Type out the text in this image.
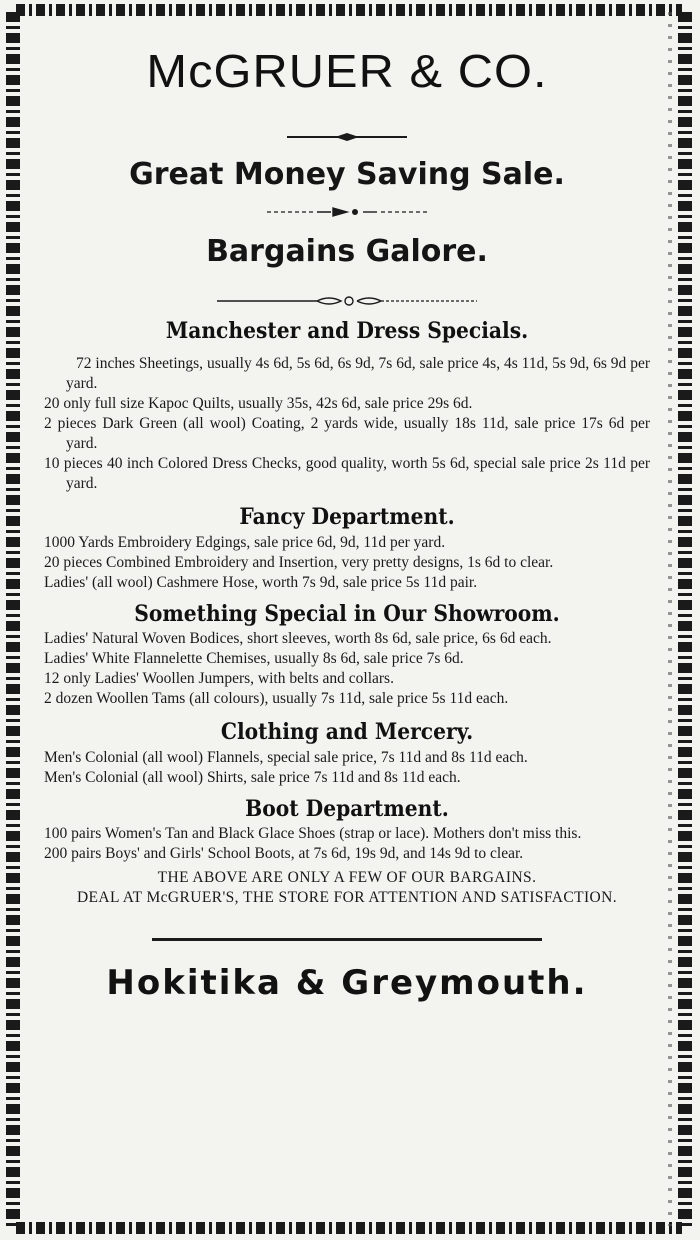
McGRUER & CO.
Great Money Saving Sale.
Bargains Galore.
Manchester and Dress Specials.
72 inches Sheetings, usually 4s 6d, 5s 6d, 6s 9d, 7s 6d, sale price 4s, 4s 11d, 5s 9d, 6s 9d per yard.
20 only full size Kapoc Quilts, usually 35s, 42s 6d, sale price 29s 6d.
2 pieces Dark Green (all wool) Coating, 2 yards wide, usually 18s 11d, sale price 17s 6d per yard.
10 pieces 40 inch Colored Dress Checks, good quality, worth 5s 6d, special sale price 2s 11d per yard.
Fancy Department.
1000 Yards Embroidery Edgings, sale price 6d, 9d, 11d per yard.
20 pieces Combined Embroidery and Insertion, very pretty designs, 1s 6d to clear.
Ladies' (all wool) Cashmere Hose, worth 7s 9d, sale price 5s 11d pair.
Something Special in Our Showroom.
Ladies' Natural Woven Bodices, short sleeves, worth 8s 6d, sale price, 6s 6d each.
Ladies' White Flannelette Chemises, usually 8s 6d, sale price 7s 6d.
12 only Ladies' Woollen Jumpers, with belts and collars.
2 dozen Woollen Tams (all colours), usually 7s 11d, sale price 5s 11d each.
Clothing and Mercery.
Men's Colonial (all wool) Flannels, special sale price, 7s 11d and 8s 11d each.
Men's Colonial (all wool) Shirts, sale price 7s 11d and 8s 11d each.
Boot Department.
100 pairs Women's Tan and Black Glace Shoes (strap or lace). Mothers don't miss this.
200 pairs Boys' and Girls' School Boots, at 7s 6d, 19s 9d, and 14s 9d to clear.
THE ABOVE ARE ONLY A FEW OF OUR BARGAINS.
DEAL AT McGRUER'S, THE STORE FOR ATTENTION AND SATISFACTION.
Hokitika & Greymouth.
